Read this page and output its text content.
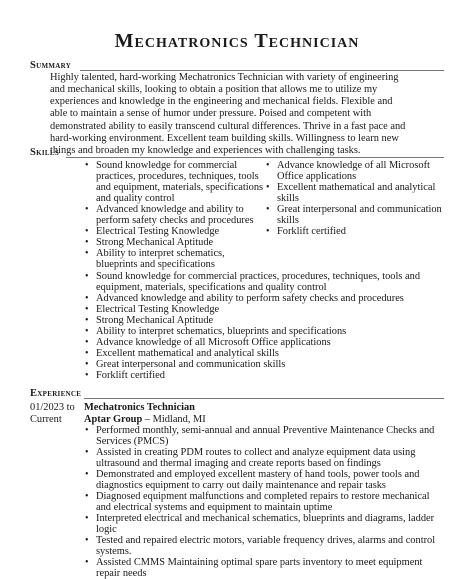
Mechatronics Technician
Summary
Highly talented, hard-working Mechatronics Technician with variety of engineering and mechanical skills, looking to obtain a position that allows me to utilize my experiences and knowledge in the engineering and mechanical fields. Flexible and able to maintain a sense of humor under pressure. Poised and competent with demonstrated ability to easily transcend cultural differences. Thrive in a fast pace and hard-working environment. Excellent team building skills. Willingness to learn new things and broaden my knowledge and experiences with challenging tasks.
Skills
• Sound knowledge for commercial practices, procedures, techniques, tools and equipment, materials, specifications and quality control
• Advanced knowledge and ability to perform safety checks and procedures
• Electrical Testing Knowledge
• Strong Mechanical Aptitude
• Ability to interpret schematics, blueprints and specifications
• Advance knowledge of all Microsoft Office applications
• Excellent mathematical and analytical skills
• Great interpersonal and communication skills
• Forklift certified
• Sound knowledge for commercial practices, procedures, techniques, tools and equipment, materials, specifications and quality control
• Advanced knowledge and ability to perform safety checks and procedures
• Electrical Testing Knowledge
• Strong Mechanical Aptitude
• Ability to interpret schematics, blueprints and specifications
• Advance knowledge of all Microsoft Office applications
• Excellent mathematical and analytical skills
• Great interpersonal and communication skills
• Forklift certified
Experience
01/2023 to
Current
Mechatronics Technician
Aptar Group – Midland, MI
• Performed monthly, semi-annual and annual Preventive Maintenance Checks and Services (PMCS)
• Assisted in creating PDM routes to collect and analyze equipment data using ultrasound and thermal imaging and create reports based on findings
• Demonstrated and employed excellent mastery of hand tools, power tools and diagnostics equipment to carry out daily maintenance and repair tasks
• Diagnosed equipment malfunctions and completed repairs to restore mechanical and electrical systems and equipment to maintain uptime
• Interpreted electrical and mechanical schematics, blueprints and diagrams, ladder logic
• Tested and repaired electric motors, variable frequency drives, alarms and control systems.
• Assisted CMMS Maintaining optimal spare parts inventory to meet equipment repair needs
